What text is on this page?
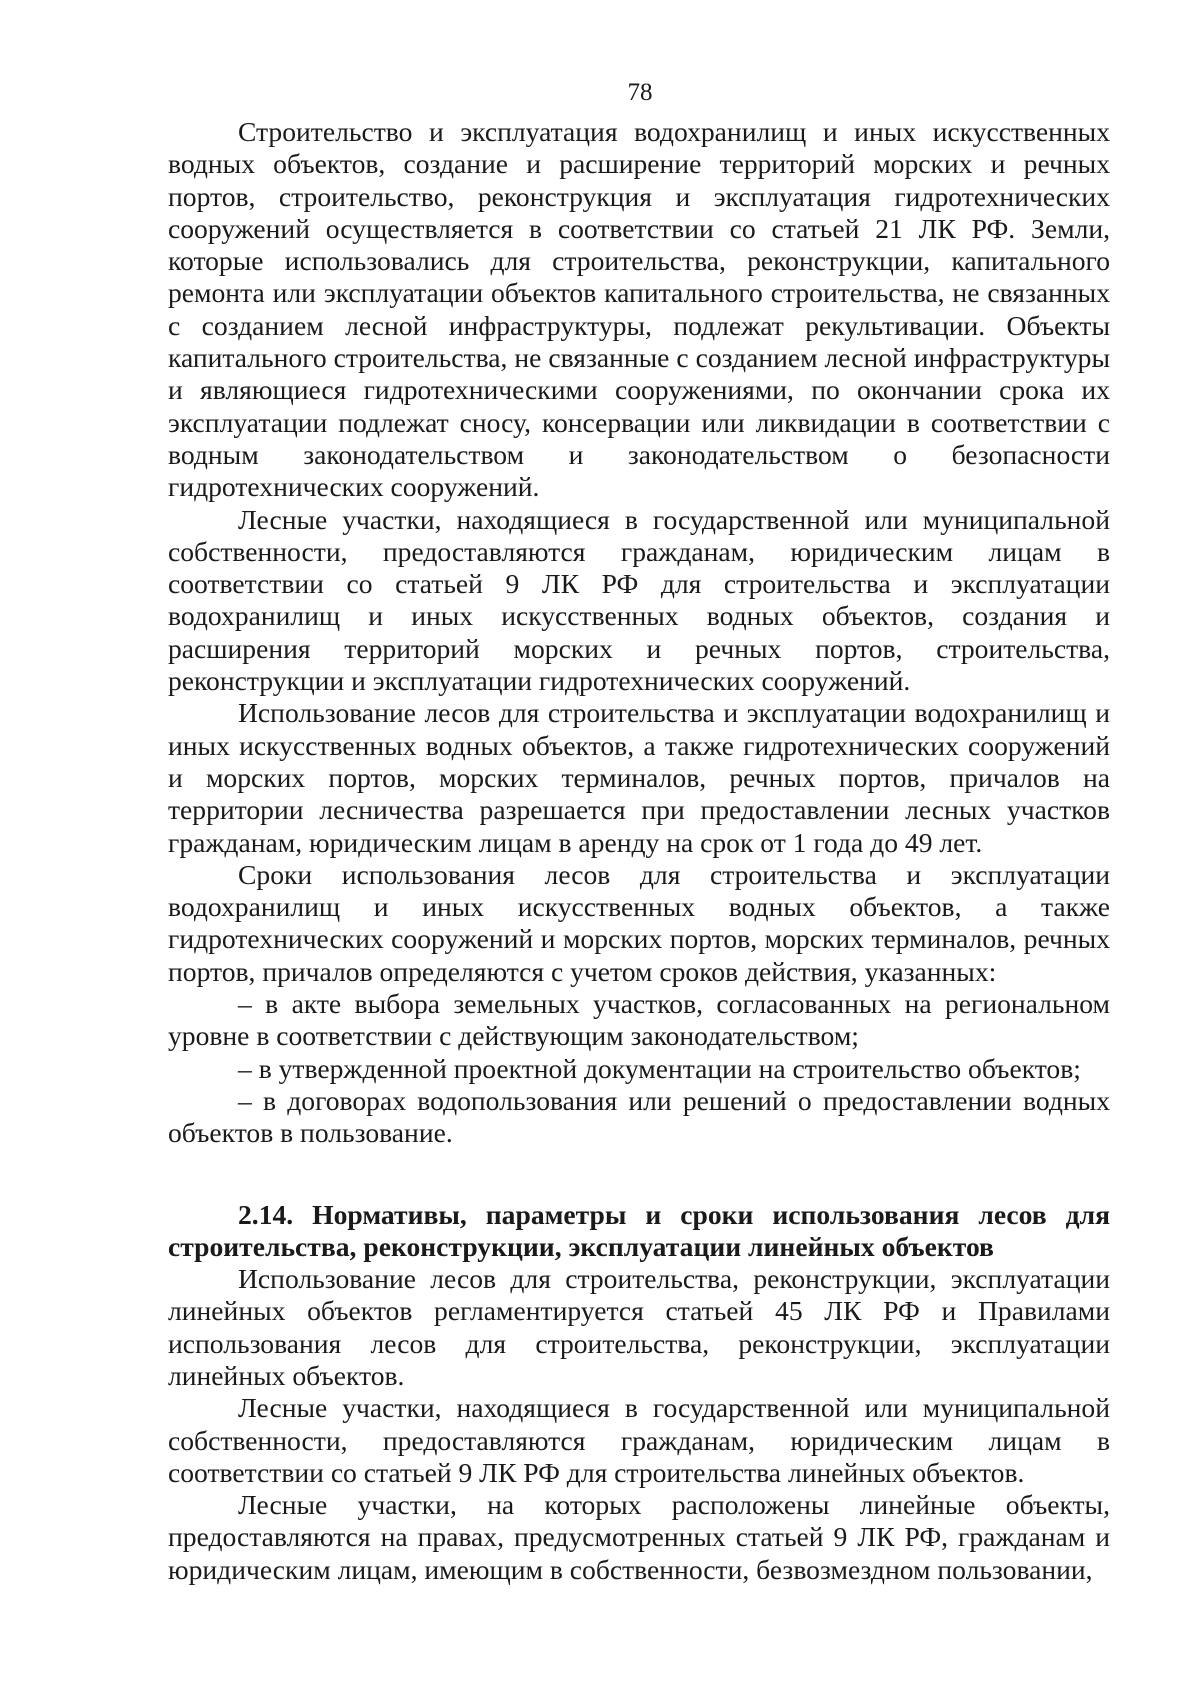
78

Строительство и эксплуатация водохранилищ и иных искусственных водных объектов, создание и расширение территорий морских и речных портов, строительство, реконструкция и эксплуатация гидротехнических сооружений осуществляется в соответствии со статьей 21 ЛК РФ. Земли, которые использовались для строительства, реконструкции, капитального ремонта или эксплуатации объектов капитального строительства, не связанных с созданием лесной инфраструктуры, подлежат рекультивации. Объекты капитального строительства, не связанные с созданием лесной инфраструктуры и являющиеся гидротехническими сооружениями, по окончании срока их эксплуатации подлежат сносу, консервации или ликвидации в соответствии с водным законодательством и законодательством о безопасности гидротехнических сооружений.

Лесные участки, находящиеся в государственной или муниципальной собственности, предоставляются гражданам, юридическим лицам в соответствии со статьей 9 ЛК РФ для строительства и эксплуатации водохранилищ и иных искусственных водных объектов, создания и расширения территорий морских и речных портов, строительства, реконструкции и эксплуатации гидротехнических сооружений.

Использование лесов для строительства и эксплуатации водохранилищ и иных искусственных водных объектов, а также гидротехнических сооружений и морских портов, морских терминалов, речных портов, причалов на территории лесничества разрешается при предоставлении лесных участков гражданам, юридическим лицам в аренду на срок от 1 года до 49 лет.

Сроки использования лесов для строительства и эксплуатации водохранилищ и иных искусственных водных объектов, а также гидротехнических сооружений и морских портов, морских терминалов, речных портов, причалов определяются с учетом сроков действия, указанных:

– в акте выбора земельных участков, согласованных на региональном уровне в соответствии с действующим законодательством;

– в утвержденной проектной документации на строительство объектов;

– в договорах водопользования или решений о предоставлении водных объектов в пользование.

2.14. Нормативы, параметры и сроки использования лесов для строительства, реконструкции, эксплуатации линейных объектов

Использование лесов для строительства, реконструкции, эксплуатации линейных объектов регламентируется статьей 45 ЛК РФ и Правилами использования лесов для строительства, реконструкции, эксплуатации линейных объектов.

Лесные участки, находящиеся в государственной или муниципальной собственности, предоставляются гражданам, юридическим лицам в соответствии со статьей 9 ЛК РФ для строительства линейных объектов.

Лесные участки, на которых расположены линейные объекты, предоставляются на правах, предусмотренных статьей 9 ЛК РФ, гражданам и юридическим лицам, имеющим в собственности, безвозмездном пользовании,
